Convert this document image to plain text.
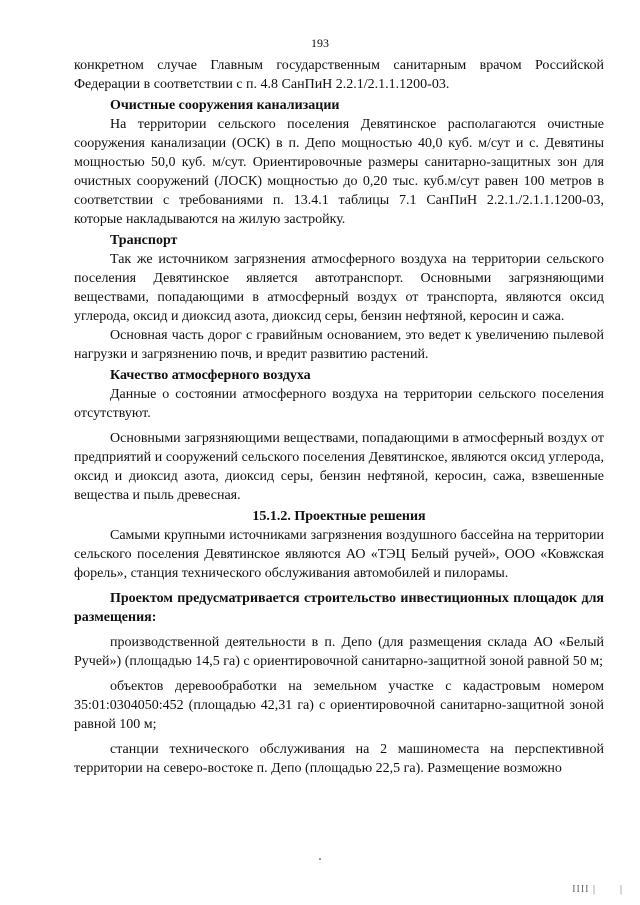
193

конкретном случае Главным государственным санитарным врачом Российской Федерации в соответствии с п. 4.8 СанПиН 2.2.1/2.1.1.1200-03.

Очистные сооружения канализации

На территории сельского поселения Девятинское располагаются очистные сооружения канализации (ОСК) в п. Депо мощностью 40,0 куб. м/сут и с. Девятины мощностью 50,0 куб. м/сут. Ориентировочные размеры санитарно-защитных зон для очистных сооружений (ЛОСК) мощностью до 0,20 тыс. куб.м/сут равен 100 метров в соответствии с требованиями п. 13.4.1 таблицы 7.1 СанПиН 2.2.1./2.1.1.1200-03, которые накладываются на жилую застройку.

Транспорт

Так же источником загрязнения атмосферного воздуха на территории сельского поселения Девятинское является автотранспорт. Основными загрязняющими веществами, попадающими в атмосферный воздух от транспорта, являются оксид углерода, оксид и диоксид азота, диоксид серы, бензин нефтяной, керосин и сажа.

Основная часть дорог с гравийным основанием, это ведет к увеличению пылевой нагрузки и загрязнению почв, и вредит развитию растений.

Качество атмосферного воздуха

Данные о состоянии атмосферного воздуха на территории сельского поселения отсутствуют.

Основными загрязняющими веществами, попадающими в атмосферный воздух от предприятий и сооружений сельского поселения Девятинское, являются оксид углерода, оксид и диоксид азота, диоксид серы, бензин нефтяной, керосин, сажа, взвешенные вещества и пыль древесная.

15.1.2. Проектные решения

Самыми крупными источниками загрязнения воздушного бассейна на территории сельского поселения Девятинское являются АО «ТЭЦ Белый ручей», ООО «Ковжская форель», станция технического обслуживания автомобилей и пилорамы.

Проектом предусматривается строительство инвестиционных площадок для размещения:

производственной деятельности в п. Депо (для размещения склада АО «Белый Ручей») (площадью 14,5 га) с ориентировочной санитарно-защитной зоной равной 50 м;

объектов деревообработки на земельном участке с кадастровым номером 35:01:0304050:452 (площадью 42,31 га) с ориентировочной санитарно-защитной зоной равной 100 м;

станции технического обслуживания на 2 машиноместа на перспективной территории на северо-востоке п. Депо (площадью 22,5 га). Размещение возможно

IIII | |
